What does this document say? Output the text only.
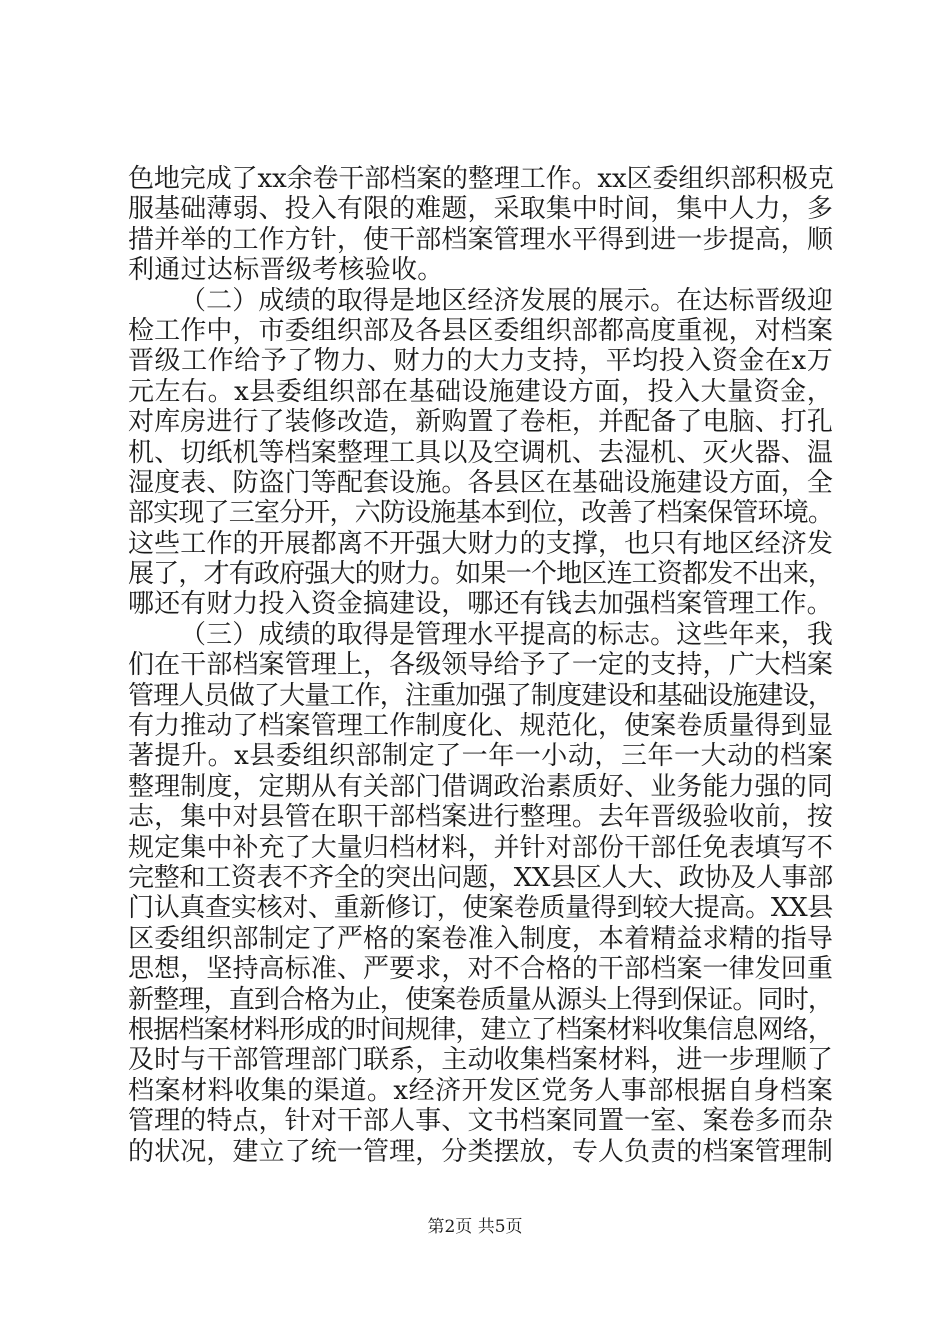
色地完成了xx余卷干部档案的整理工作。xx区委组织部积极克
服基础薄弱、投入有限的难题，采取集中时间，集中人力，多
措并举的工作方针，使干部档案管理水平得到进一步提高，顺
利通过达标晋级考核验收。
（二）成绩的取得是地区经济发展的展示。在达标晋级迎
检工作中，市委组织部及各县区委组织部都高度重视，对档案
晋级工作给予了物力、财力的大力支持，平均投入资金在x万
元左右。x县委组织部在基础设施建设方面，投入大量资金，
对库房进行了装修改造，新购置了卷柜，并配备了电脑、打孔
机、切纸机等档案整理工具以及空调机、去湿机、灭火器、温
湿度表、防盗门等配套设施。各县区在基础设施建设方面，全
部实现了三室分开，六防设施基本到位，改善了档案保管环境。
这些工作的开展都离不开强大财力的支撑，也只有地区经济发
展了，才有政府强大的财力。如果一个地区连工资都发不出来，
哪还有财力投入资金搞建设，哪还有钱去加强档案管理工作。
（三）成绩的取得是管理水平提高的标志。这些年来，我
们在干部档案管理上，各级领导给予了一定的支持，广大档案
管理人员做了大量工作，注重加强了制度建设和基础设施建设，
有力推动了档案管理工作制度化、规范化，使案卷质量得到显
著提升。x县委组织部制定了一年一小动，三年一大动的档案
整理制度，定期从有关部门借调政治素质好、业务能力强的同
志，集中对县管在职干部档案进行整理。去年晋级验收前，按
规定集中补充了大量归档材料，并针对部份干部任免表填写不
完整和工资表不齐全的突出问题，XX县区人大、政协及人事部
门认真查实核对、重新修订，使案卷质量得到较大提高。XX县
区委组织部制定了严格的案卷准入制度，本着精益求精的指导
思想，坚持高标准、严要求，对不合格的干部档案一律发回重
新整理，直到合格为止，使案卷质量从源头上得到保证。同时，
根据档案材料形成的时间规律，建立了档案材料收集信息网络，
及时与干部管理部门联系，主动收集档案材料，进一步理顺了
档案材料收集的渠道。x经济开发区党务人事部根据自身档案
管理的特点，针对干部人事、文书档案同置一室、案卷多而杂
的状况，建立了统一管理，分类摆放，专人负责的档案管理制
第2页 共5页
